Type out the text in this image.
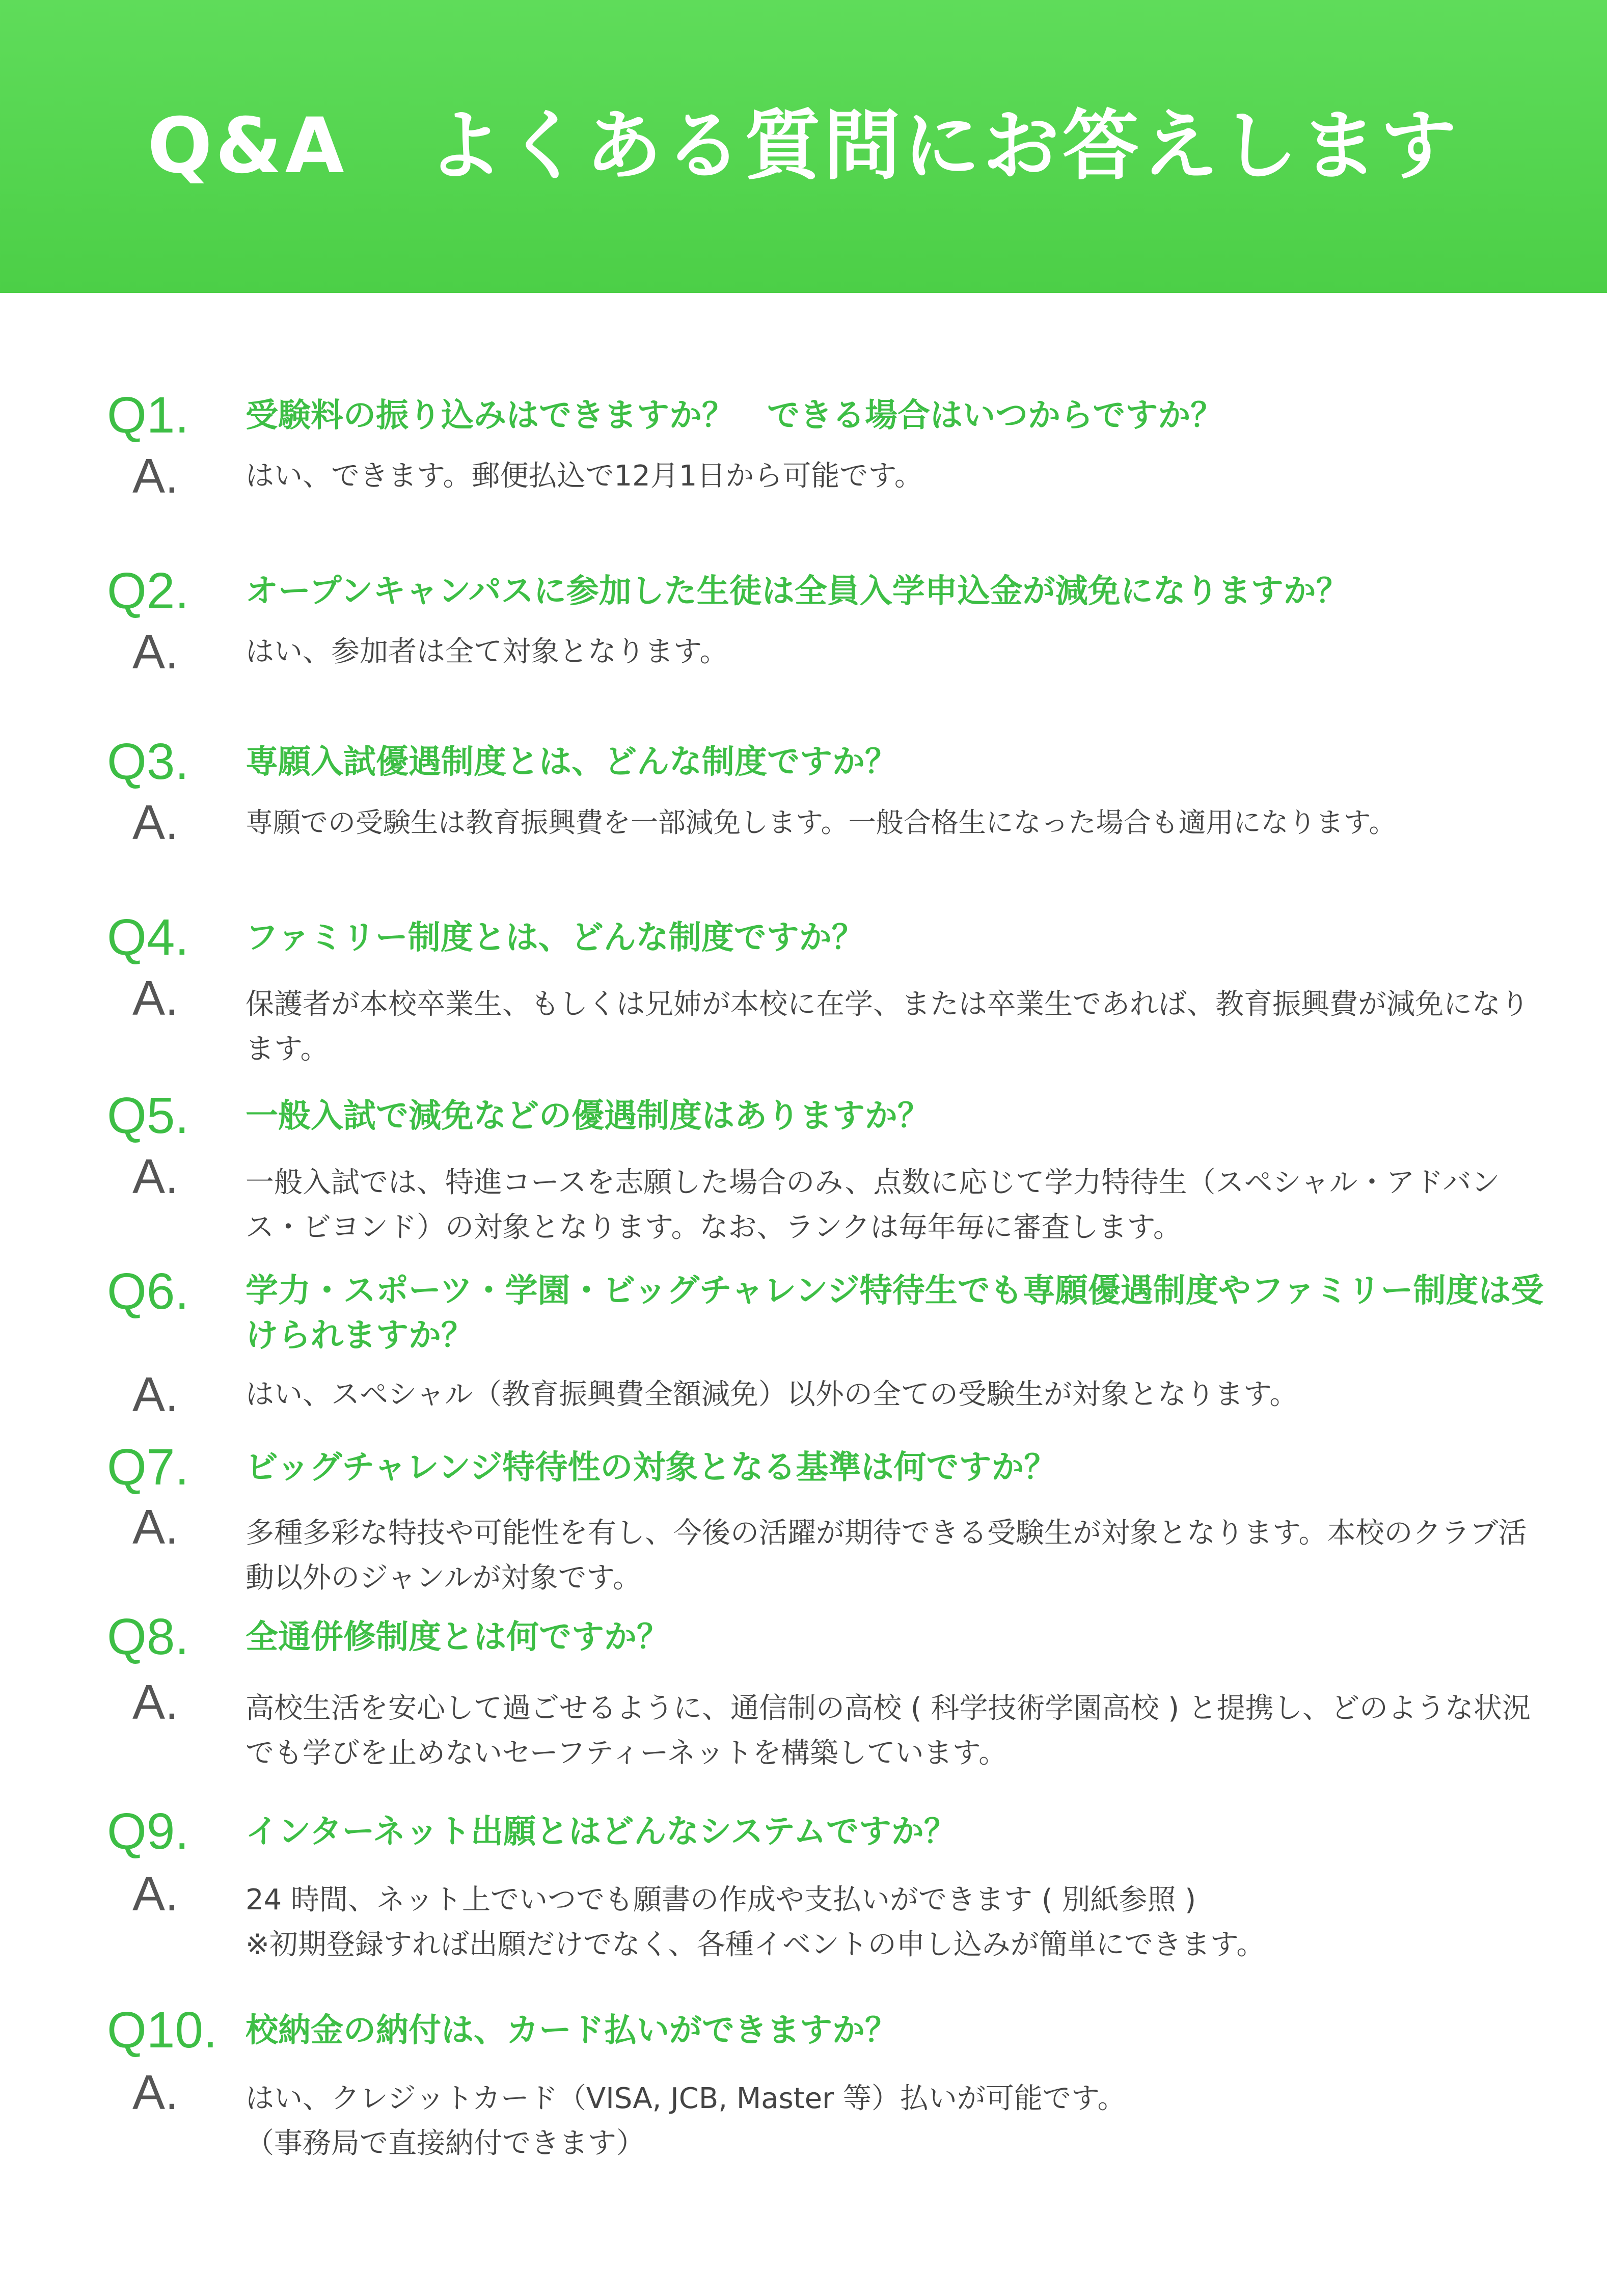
Q&A　よくある質問にお答えします
Q1.	受験料の振り込みはできますか？　できる場合はいつからですか？
A.	はい、できます。郵便払込で12月1日から可能です。
Q2.	オープンキャンパスに参加した生徒は全員入学申込金が減免になりますか？
A.	はい、参加者は全て対象となります。
Q3.	専願入試優遇制度とは、どんな制度ですか？
A.	専願での受験生は教育振興費を一部減免します。一般合格生になった場合も適用になります。
Q4.	ファミリー制度とは、どんな制度ですか？
A.	保護者が本校卒業生、もしくは兄姉が本校に在学、または卒業生であれば、教育振興費が減免になります。
Q5.	一般入試で減免などの優遇制度はありますか？
A.	一般入試では、特進コースを志願した場合のみ、点数に応じて学力特待生（スペシャル・アドバンス・ビヨンド）の対象となります。なお、ランクは毎年毎に審査します。
Q6.	学力・スポーツ・学園・ビッグチャレンジ特待生でも専願優遇制度やファミリー制度は受けられますか？
A.	はい、スペシャル（教育振興費全額減免）以外の全ての受験生が対象となります。
Q7.	ビッグチャレンジ特待性の対象となる基準は何ですか？
A.	多種多彩な特技や可能性を有し、今後の活躍が期待できる受験生が対象となります。本校のクラブ活動以外のジャンルが対象です。
Q8.	全通併修制度とは何ですか？
A.	高校生活を安心して過ごせるように、通信制の高校 ( 科学技術学園高校 ) と提携し、どのような状況でも学びを止めないセーフティーネットを構築しています。
Q9.	インターネット出願とはどんなシステムですか？
A.	24 時間、ネット上でいつでも願書の作成や支払いができます ( 別紙参照 )
※初期登録すれば出願だけでなく、各種イベントの申し込みが簡単にできます。
Q10. 校納金の納付は、カード払いができますか？
A.	はい、クレジットカード（VISA, JCB, Master 等）払いが可能です。
（事務局で直接納付できます）
